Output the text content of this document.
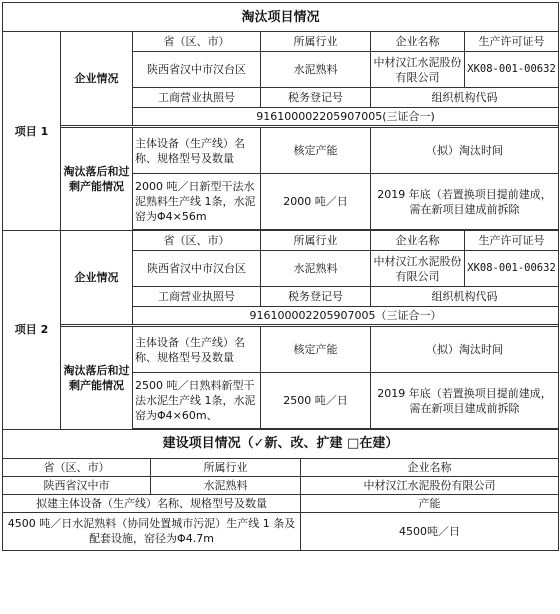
淘汰项目情况					
项目 1	企业情况	省（区、市）	所属行业	企业名称	生产许可证号
		陕西省汉中市汉台区	水泥熟料	中材汉江水泥股份有限公司	XK08-001-00632
		工商营业执照号	税务登记号	组织机构代码	
		916100002205907005(三证合一)			

	淘汰落后和过剩产能情况	主体设备（生产线）名称、规格型号及数量	核定产能	（拟）淘汰时间	
		2000 吨／日新型干法水泥熟料生产线 1条，水泥窑为Φ4×56m	2000 吨／日	2019 年底（若置换项目提前建成，需在新项目建成前拆除	

项目 2	企业情况	省（区、市）	所属行业	企业名称	生产许可证号
		陕西省汉中市汉台区	水泥熟料	中材汉江水泥股份有限公司	XK08-001-00632
		工商营业执照号	税务登记号	组织机构代码	
		916100002205907005（三证合一）			

	淘汰落后和过剩产能情况	主体设备（生产线）名称、规格型号及数量	核定产能	（拟）淘汰时间	
		2500 吨／日熟料新型干法水泥生产线 1条，水泥窑为Φ4×60m、	2500 吨／日	2019 年底（若置换项目提前建成，需在新项目建成前拆除	

建设项目情况（✓新、改、扩建 □在建）		
省（区、市）	所属行业	企业名称
陕西省汉中市	水泥熟料	中材汉江水泥股份有限公司
拟建主体设备（生产线）名称、规格型号及数量		产能
4500 吨／日水泥熟料（协同处置城市污泥）生产线 1 条及配套设施，窑径为Φ4.7m		4500吨／日
